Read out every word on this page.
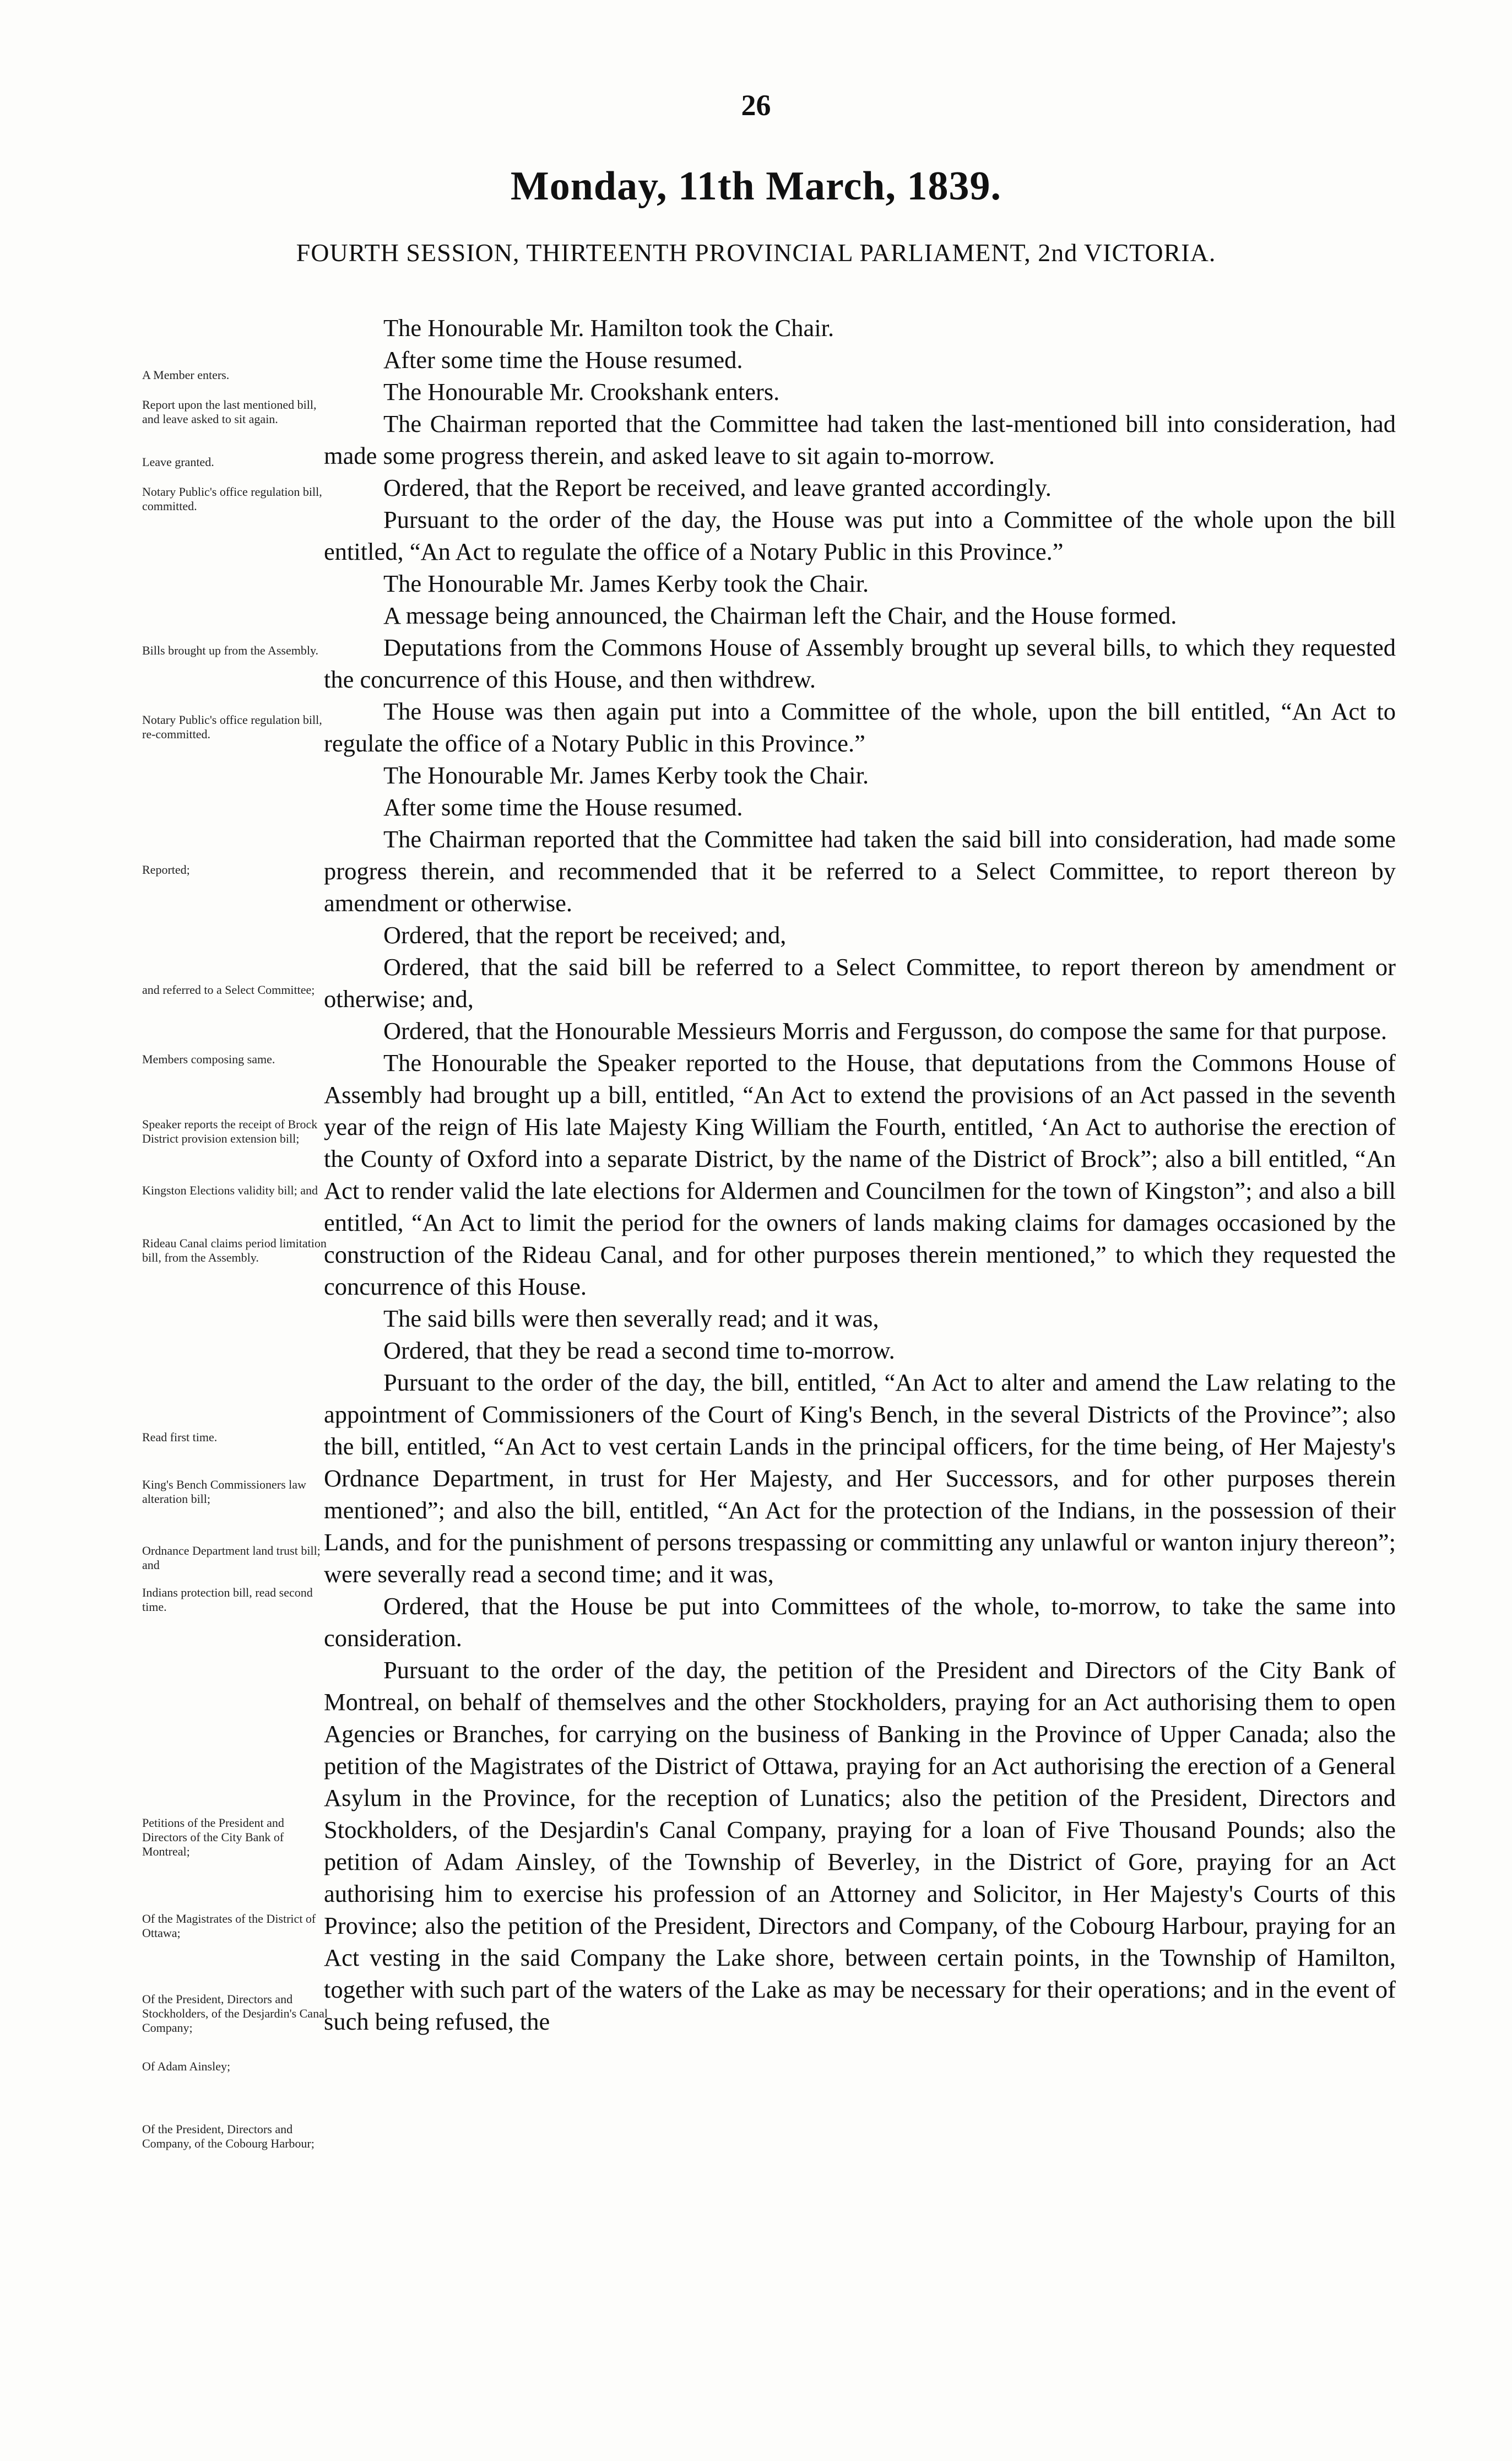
26
Monday, 11th March, 1839.
FOURTH SESSION, THIRTEENTH PROVINCIAL PARLIAMENT, 2nd VICTORIA.
A Member enters.
Report upon the last mentioned bill, and leave asked to sit again.
Leave granted.
Notary Public's office regulation bill, committed.
Bills brought up from the Assembly.
Notary Public's office regulation bill, re-committed.
Reported;
and referred to a Select Committee;
Members composing same.
Speaker reports the receipt of Brock District provision extension bill;
Kingston Elections validity bill; and
Rideau Canal claims period limitation bill, from the Assembly.
Read first time.
King's Bench Commissioners law alteration bill;
Ordnance Department land trust bill; and
Indians protection bill, read second time.
Petitions of the President and Directors of the City Bank of Montreal;
Of the Magistrates of the District of Ottawa;
Of the President, Directors and Stockholders, of the Desjardin's Canal Company;
Of Adam Ainsley;
Of the President, Directors and Company, of the Cobourg Harbour;

The Honourable Mr. Hamilton took the Chair.

After some time the House resumed.

The Honourable Mr. Crookshank enters.

The Chairman reported that the Committee had taken the last-mentioned bill into consideration, had made some progress therein, and asked leave to sit again to-morrow.

Ordered, that the Report be received, and leave granted accordingly.

Pursuant to the order of the day, the House was put into a Committee of the whole upon the bill entitled, “An Act to regulate the office of a Notary Public in this Province.”

The Honourable Mr. James Kerby took the Chair.

A message being announced, the Chairman left the Chair, and the House formed.

Deputations from the Commons House of Assembly brought up several bills, to which they requested the concurrence of this House, and then withdrew.

The House was then again put into a Committee of the whole, upon the bill entitled, “An Act to regulate the office of a Notary Public in this Province.”

The Honourable Mr. James Kerby took the Chair.

After some time the House resumed.

The Chairman reported that the Committee had taken the said bill into consideration, had made some progress therein, and recommended that it be referred to a Select Committee, to report thereon by amendment or otherwise.

Ordered, that the report be received; and,

Ordered, that the said bill be referred to a Select Committee, to report thereon by amendment or otherwise; and,

Ordered, that the Honourable Messieurs Morris and Fergusson, do compose the same for that purpose.

The Honourable the Speaker reported to the House, that deputations from the Commons House of Assembly had brought up a bill, entitled, “An Act to extend the provisions of an Act passed in the seventh year of the reign of His late Majesty King William the Fourth, entitled, ‘An Act to authorise the erection of the County of Oxford into a separate District, by the name of the District of Brock”; also a bill entitled, “An Act to render valid the late elections for Aldermen and Councilmen for the town of Kingston”; and also a bill entitled, “An Act to limit the period for the owners of lands making claims for damages occasioned by the construction of the Rideau Canal, and for other purposes therein mentioned,” to which they requested the concurrence of this House.

The said bills were then severally read; and it was,

Ordered, that they be read a second time to-morrow.

Pursuant to the order of the day, the bill, entitled, “An Act to alter and amend the Law relating to the appointment of Commissioners of the Court of King's Bench, in the several Districts of the Province”; also the bill, entitled, “An Act to vest certain Lands in the principal officers, for the time being, of Her Majesty's Ordnance Department, in trust for Her Majesty, and Her Successors, and for other purposes therein mentioned”; and also the bill, entitled, “An Act for the protection of the Indians, in the possession of their Lands, and for the punishment of persons trespassing or committing any unlawful or wanton injury thereon”; were severally read a second time; and it was,

Ordered, that the House be put into Committees of the whole, to-morrow, to take the same into consideration.

Pursuant to the order of the day, the petition of the President and Directors of the City Bank of Montreal, on behalf of themselves and the other Stockholders, praying for an Act authorising them to open Agencies or Branches, for carrying on the business of Banking in the Province of Upper Canada; also the petition of the Magistrates of the District of Ottawa, praying for an Act authorising the erection of a General Asylum in the Province, for the reception of Lunatics; also the petition of the President, Directors and Stockholders, of the Desjardin's Canal Company, praying for a loan of Five Thousand Pounds; also the petition of Adam Ainsley, of the Township of Beverley, in the District of Gore, praying for an Act authorising him to exercise his profession of an Attorney and Solicitor, in Her Majesty's Courts of this Province; also the petition of the President, Directors and Company, of the Cobourg Harbour, praying for an Act vesting in the said Company the Lake shore, between certain points, in the Township of Hamilton, together with such part of the waters of the Lake as may be necessary for their operations; and in the event of such being refused, the
